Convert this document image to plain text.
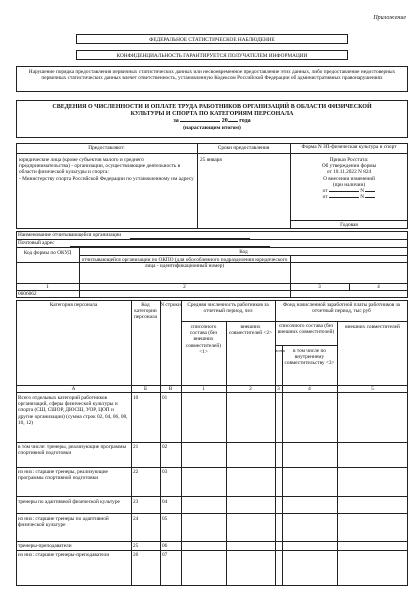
Приложение
ФЕДЕРАЛЬНОЕ СТАТИСТИЧЕСКОЕ НАБЛЮДЕНИЕ
КОНФИДЕНЦИАЛЬНОСТЬ ГАРАНТИРУЕТСЯ ПОЛУЧАТЕЛЕМ ИНФОРМАЦИИ
Нарушение порядка предоставления первичных статистических данных или несвоевременное предоставление этих данных, либо предоставление недостоверных первичных статистических данных влечет ответственность, установленную Кодексом Российской Федерации об административных правонарушениях
СВЕДЕНИЯ О ЧИСЛЕННОСТИ И ОПЛАТЕ ТРУДА РАБОТНИКОВ ОРГАНИЗАЦИЙ В ОБЛАСТИ ФИЗИЧЕСКОЙ
КУЛЬТУРЫ И СПОРТА ПО КАТЕГОРИЯМ ПЕРСОНАЛА
за	20 года
(нарастающим итогом)
Предоставляют:	Сроки предоставления	Форма N ЗП-физическая культура и спорт
юридические лица (кроме субъектов малого и среднего предпринимательства) - организации, осуществляющие деятельность в области физической культуры и спорта:
- Министерству спорта Российской Федерации по установленному им адресу
25 января	Приказ Росстата:
Об утверждении формы
от 10.11.2022 N 824
О внесении изменений
(при наличии)
от	N
от	N
Годовая
Наименование отчитывающейся организации
Почтовый адрес
Код формы по ОКУД	Код
отчитывающейся организации по ОКПО (для обособленного подразделения юридического лица - идентификационный номер)
1	2	3	4
0606062
Категория персонала	Код категории персонала
N строки	Средняя численность работников за отчетный период, чел
Фонд начисленной заработной платы работников за отчетный период, тыс руб
списочного состава (без внешних совместителей) <1>
внешних совместителей <2>
списочного состава (без внешних совместителей)
внешних совместителей
всего	в том числе по внутреннему совместительству <3>
А	Б	В	1	2	3	4	5
Всего отдельных категорий работников организаций, сферы физической культуры и спорта (СШ, СШОР, ДЮСШ, УОР, ЦОП и другие организации) (сумма строк 02, 04, 06, 08, 10, 12)
10	01
в том числе: тренеры, реализующие программы спортивной подготовки
21	02
из них: старшие тренеры, реализующие программы спортивной подготовки
22	03
тренеры по адаптивной физической культуре	23	04
из них: старшие тренеры по адаптивной физической культуре
24	05
тренеры-преподаватели	25	06
из них: старшие тренеры-преподаватели	26	07
